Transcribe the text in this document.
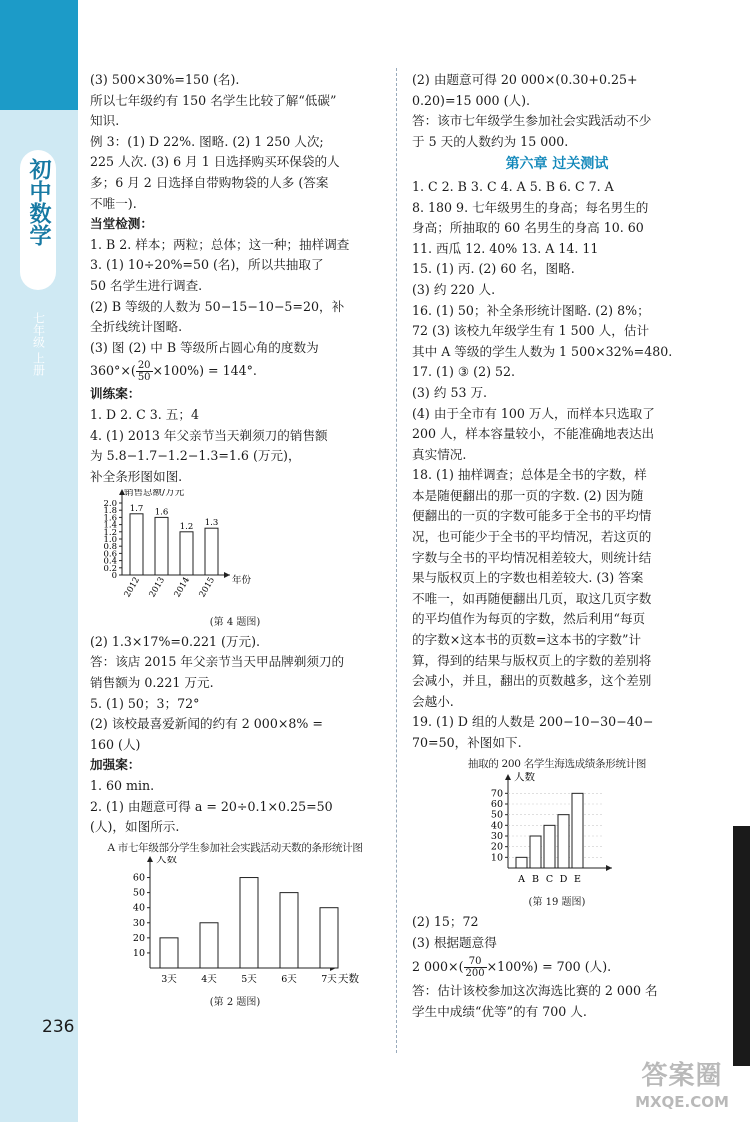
初中数学
七年级 上册
236

(3) 500×30%=150 (名).

所以七年级约有 150 名学生比较了解“低碳”

知识.

例 3：(1) D 22%. 图略. (2) 1 250 人次;

225 人次. (3) 6 月 1 日选择购买环保袋的人

多；6 月 2 日选择自带购物袋的人多 (答案

不唯一).

当堂检测：

1. B 2. 样本；两粒；总体；这一种；抽样调查

3. (1) 10÷20%=50 (名)，所以共抽取了

50 名学生进行调查.

(2) B 等级的人数为 50−15−10−5=20，补

全折线统计图略.

(3) 图 (2) 中 B 等级所占圆心角的度数为

$360^\circ\times( \frac{20}{50} \times 100\%) = 144^\circ$.

训练案：

1. D 2. C 3. 五；4

4. (1) 2013 年父亲节当天剃须刀的销售额

为 5.8−1.7−1.2−1.3=1.6 (万元)，

补全条形图如图.

0
0.2
0.4
0.6
0.8
1.0
1.2
1.4
1.6
1.8
2.0
销售总额/万元
年份
1.7
2012
1.6
2013
1.2
2014
1.3
2015
(第 4 题图)

(2) 1.3×17%=0.221 (万元).

答：该店 2015 年父亲节当天甲品牌剃须刀的

销售额为 0.221 万元.

5. (1) 50；3；72°

(2) 该校最喜爱新闻的约有 2 000×8% =

160 (人)

加强案：

1. 60 min.

2. (1) 由题意可得 a = 20÷0.1×0.25=50

(人)，如图所示.

A 市七年级部分学生参加社会实践活动天数的条形统计图
10
20
30
40
50
60
人数
天数
3天	4天	5天	6天	7天
(第 2 题图)

(2) 由题意可得 20 000×(0.30+0.25+

0.20)=15 000 (人).

答：该市七年级学生参加社会实践活动不少

于 5 天的人数约为 15 000.

第六章 过关测试

1. C 2. B 3. C 4. A 5. B 6. C 7. A

8. 180 9. 七年级男生的身高；每名男生的

身高；所抽取的 60 名男生的身高 10. 60

11. 西瓜 12. 40% 13. A 14. 11

15. (1) 丙. (2) 60 名，图略.

(3) 约 220 人.

16. (1) 50；补全条形统计图略. (2) 8%；

72 (3) 该校九年级学生有 1 500 人，估计

其中 A 等级的学生人数为 1 500×32%=480.

17. (1) ③ (2) 52.

(3) 约 53 万.

(4) 由于全市有 100 万人，而样本只选取了

200 人，样本容量较小，不能准确地表达出

真实情况.

18. (1) 抽样调查；总体是全书的字数，样

本是随便翻出的那一页的字数. (2) 因为随

便翻出的一页的字数可能多于全书的平均情

况，也可能少于全书的平均情况，若这页的

字数与全书的平均情况相差较大，则统计结

果与版权页上的字数也相差较大. (3) 答案

不唯一，如再随便翻出几页，取这几页字数

的平均值作为每页的字数，然后利用“每页

的字数×这本书的页数=这本书的字数”计

算，得到的结果与版权页上的字数的差别将

会减小，并且，翻出的页数越多，这个差别

会越小.

19. (1) D 组的人数是 200−10−30−40−

70=50，补图如下.

抽取的 200 名学生海选成绩条形统计图
10
20
30
40
50
60
70
人数
A B C D E
(第 19 题图)

(2) 15；72

(3) 根据题意得

2 $000\times( \frac{70}{200} \times 100\%) = 700$ (人).

答：估计该校参加这次海选比赛的 2 000 名

学生中成绩“优等”的有 700 人.

答案圈
MXQE.COM
